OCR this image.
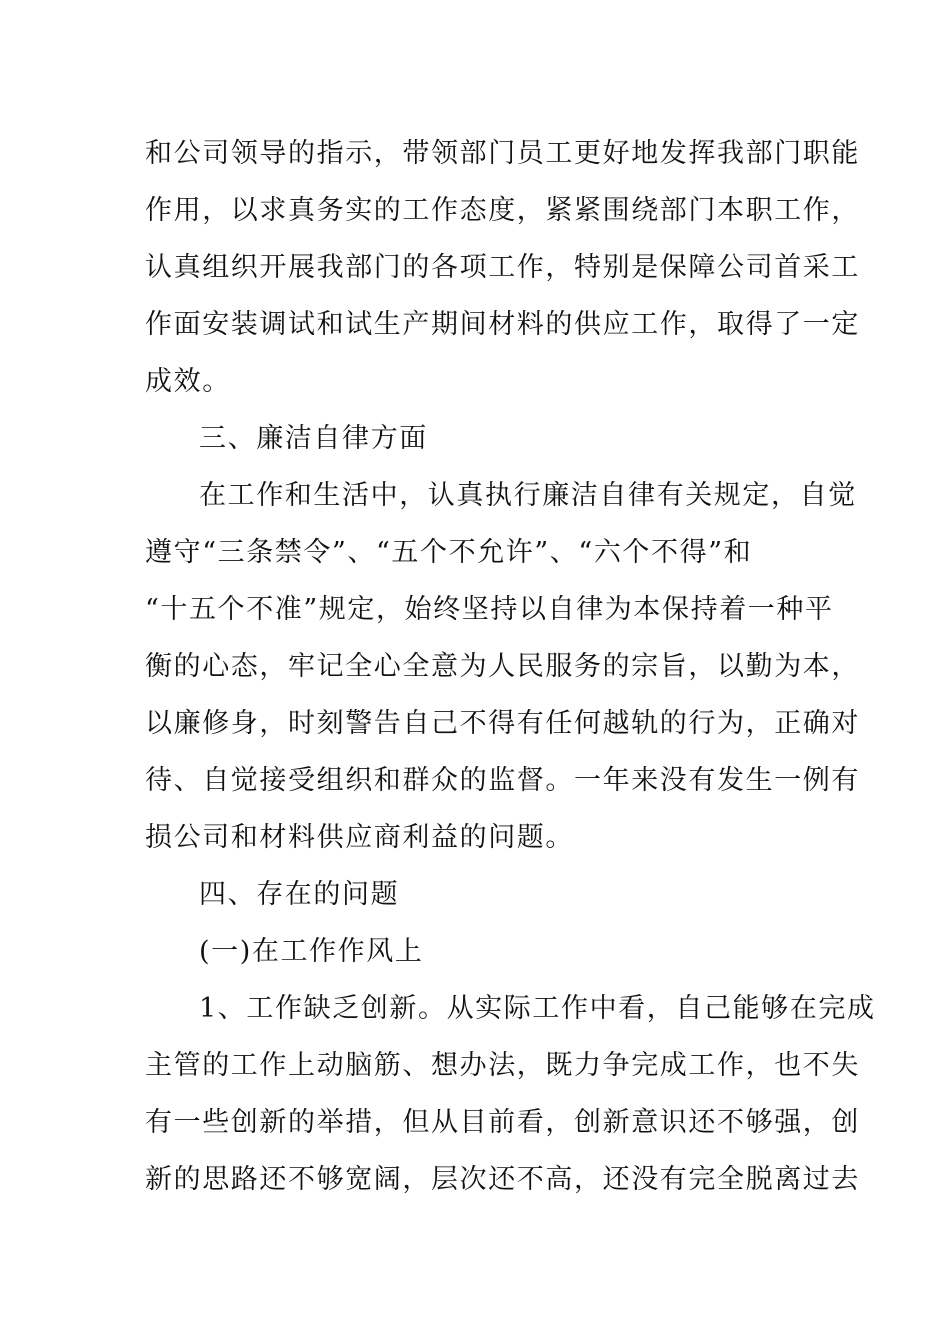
和公司领导的指示，带领部门员工更好地发挥我部门职能
作用，以求真务实的工作态度，紧紧围绕部门本职工作，
认真组织开展我部门的各项工作，特别是保障公司首采工
作面安装调试和试生产期间材料的供应工作，取得了一定
成效。
三、廉洁自律方面
在工作和生活中，认真执行廉洁自律有关规定，自觉
遵守“三条禁令”、“五个不允许”、“六个不得”和
“十五个不准”规定，始终坚持以自律为本保持着一种平
衡的心态，牢记全心全意为人民服务的宗旨，以勤为本，
以廉修身，时刻警告自己不得有任何越轨的行为，正确对
待、自觉接受组织和群众的监督。一年来没有发生一例有
损公司和材料供应商利益的问题。
四、存在的问题
(一)在工作作风上
1、工作缺乏创新。从实际工作中看，自己能够在完成
主管的工作上动脑筋、想办法，既力争完成工作，也不失
有一些创新的举措，但从目前看，创新意识还不够强，创
新的思路还不够宽阔，层次还不高，还没有完全脱离过去
